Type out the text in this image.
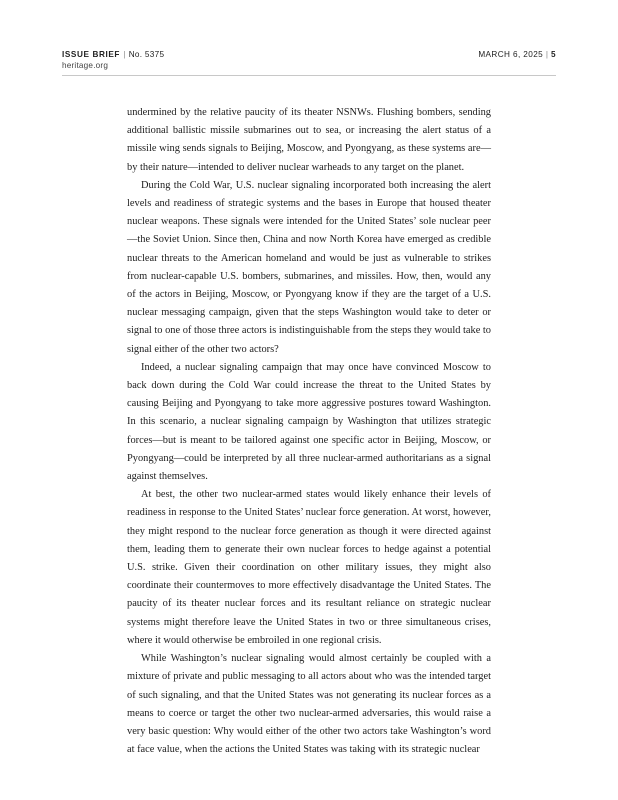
ISSUE BRIEF | No. 5375
heritage.org
MARCH 6, 2025 | 5

undermined by the relative paucity of its theater NSNWs. Flushing bombers, sending additional ballistic missile submarines out to sea, or increasing the alert status of a missile wing sends signals to Beijing, Moscow, and Pyongyang, as these systems are—by their nature—intended to deliver nuclear warheads to any target on the planet.

During the Cold War, U.S. nuclear signaling incorporated both increasing the alert levels and readiness of strategic systems and the bases in Europe that housed theater nuclear weapons. These signals were intended for the United States’ sole nuclear peer—the Soviet Union. Since then, China and now North Korea have emerged as credible nuclear threats to the American homeland and would be just as vulnerable to strikes from nuclear-capable U.S. bombers, submarines, and missiles. How, then, would any of the actors in Beijing, Moscow, or Pyongyang know if they are the target of a U.S. nuclear messaging campaign, given that the steps Washington would take to deter or signal to one of those three actors is indistinguishable from the steps they would take to signal either of the other two actors?

Indeed, a nuclear signaling campaign that may once have convinced Moscow to back down during the Cold War could increase the threat to the United States by causing Beijing and Pyongyang to take more aggressive postures toward Washington. In this scenario, a nuclear signaling campaign by Washington that utilizes strategic forces—but is meant to be tailored against one specific actor in Beijing, Moscow, or Pyongyang—could be interpreted by all three nuclear-armed authoritarians as a signal against themselves.

At best, the other two nuclear-armed states would likely enhance their levels of readiness in response to the United States’ nuclear force generation. At worst, however, they might respond to the nuclear force generation as though it were directed against them, leading them to generate their own nuclear forces to hedge against a potential U.S. strike. Given their coordination on other military issues, they might also coordinate their countermoves to more effectively disadvantage the United States. The paucity of its theater nuclear forces and its resultant reliance on strategic nuclear systems might therefore leave the United States in two or three simultaneous crises, where it would otherwise be embroiled in one regional crisis.

While Washington’s nuclear signaling would almost certainly be coupled with a mixture of private and public messaging to all actors about who was the intended target of such signaling, and that the United States was not generating its nuclear forces as a means to coerce or target the other two nuclear-armed adversaries, this would raise a very basic question: Why would either of the other two actors take Washington’s word at face value, when the actions the United States was taking with its strategic nuclear
